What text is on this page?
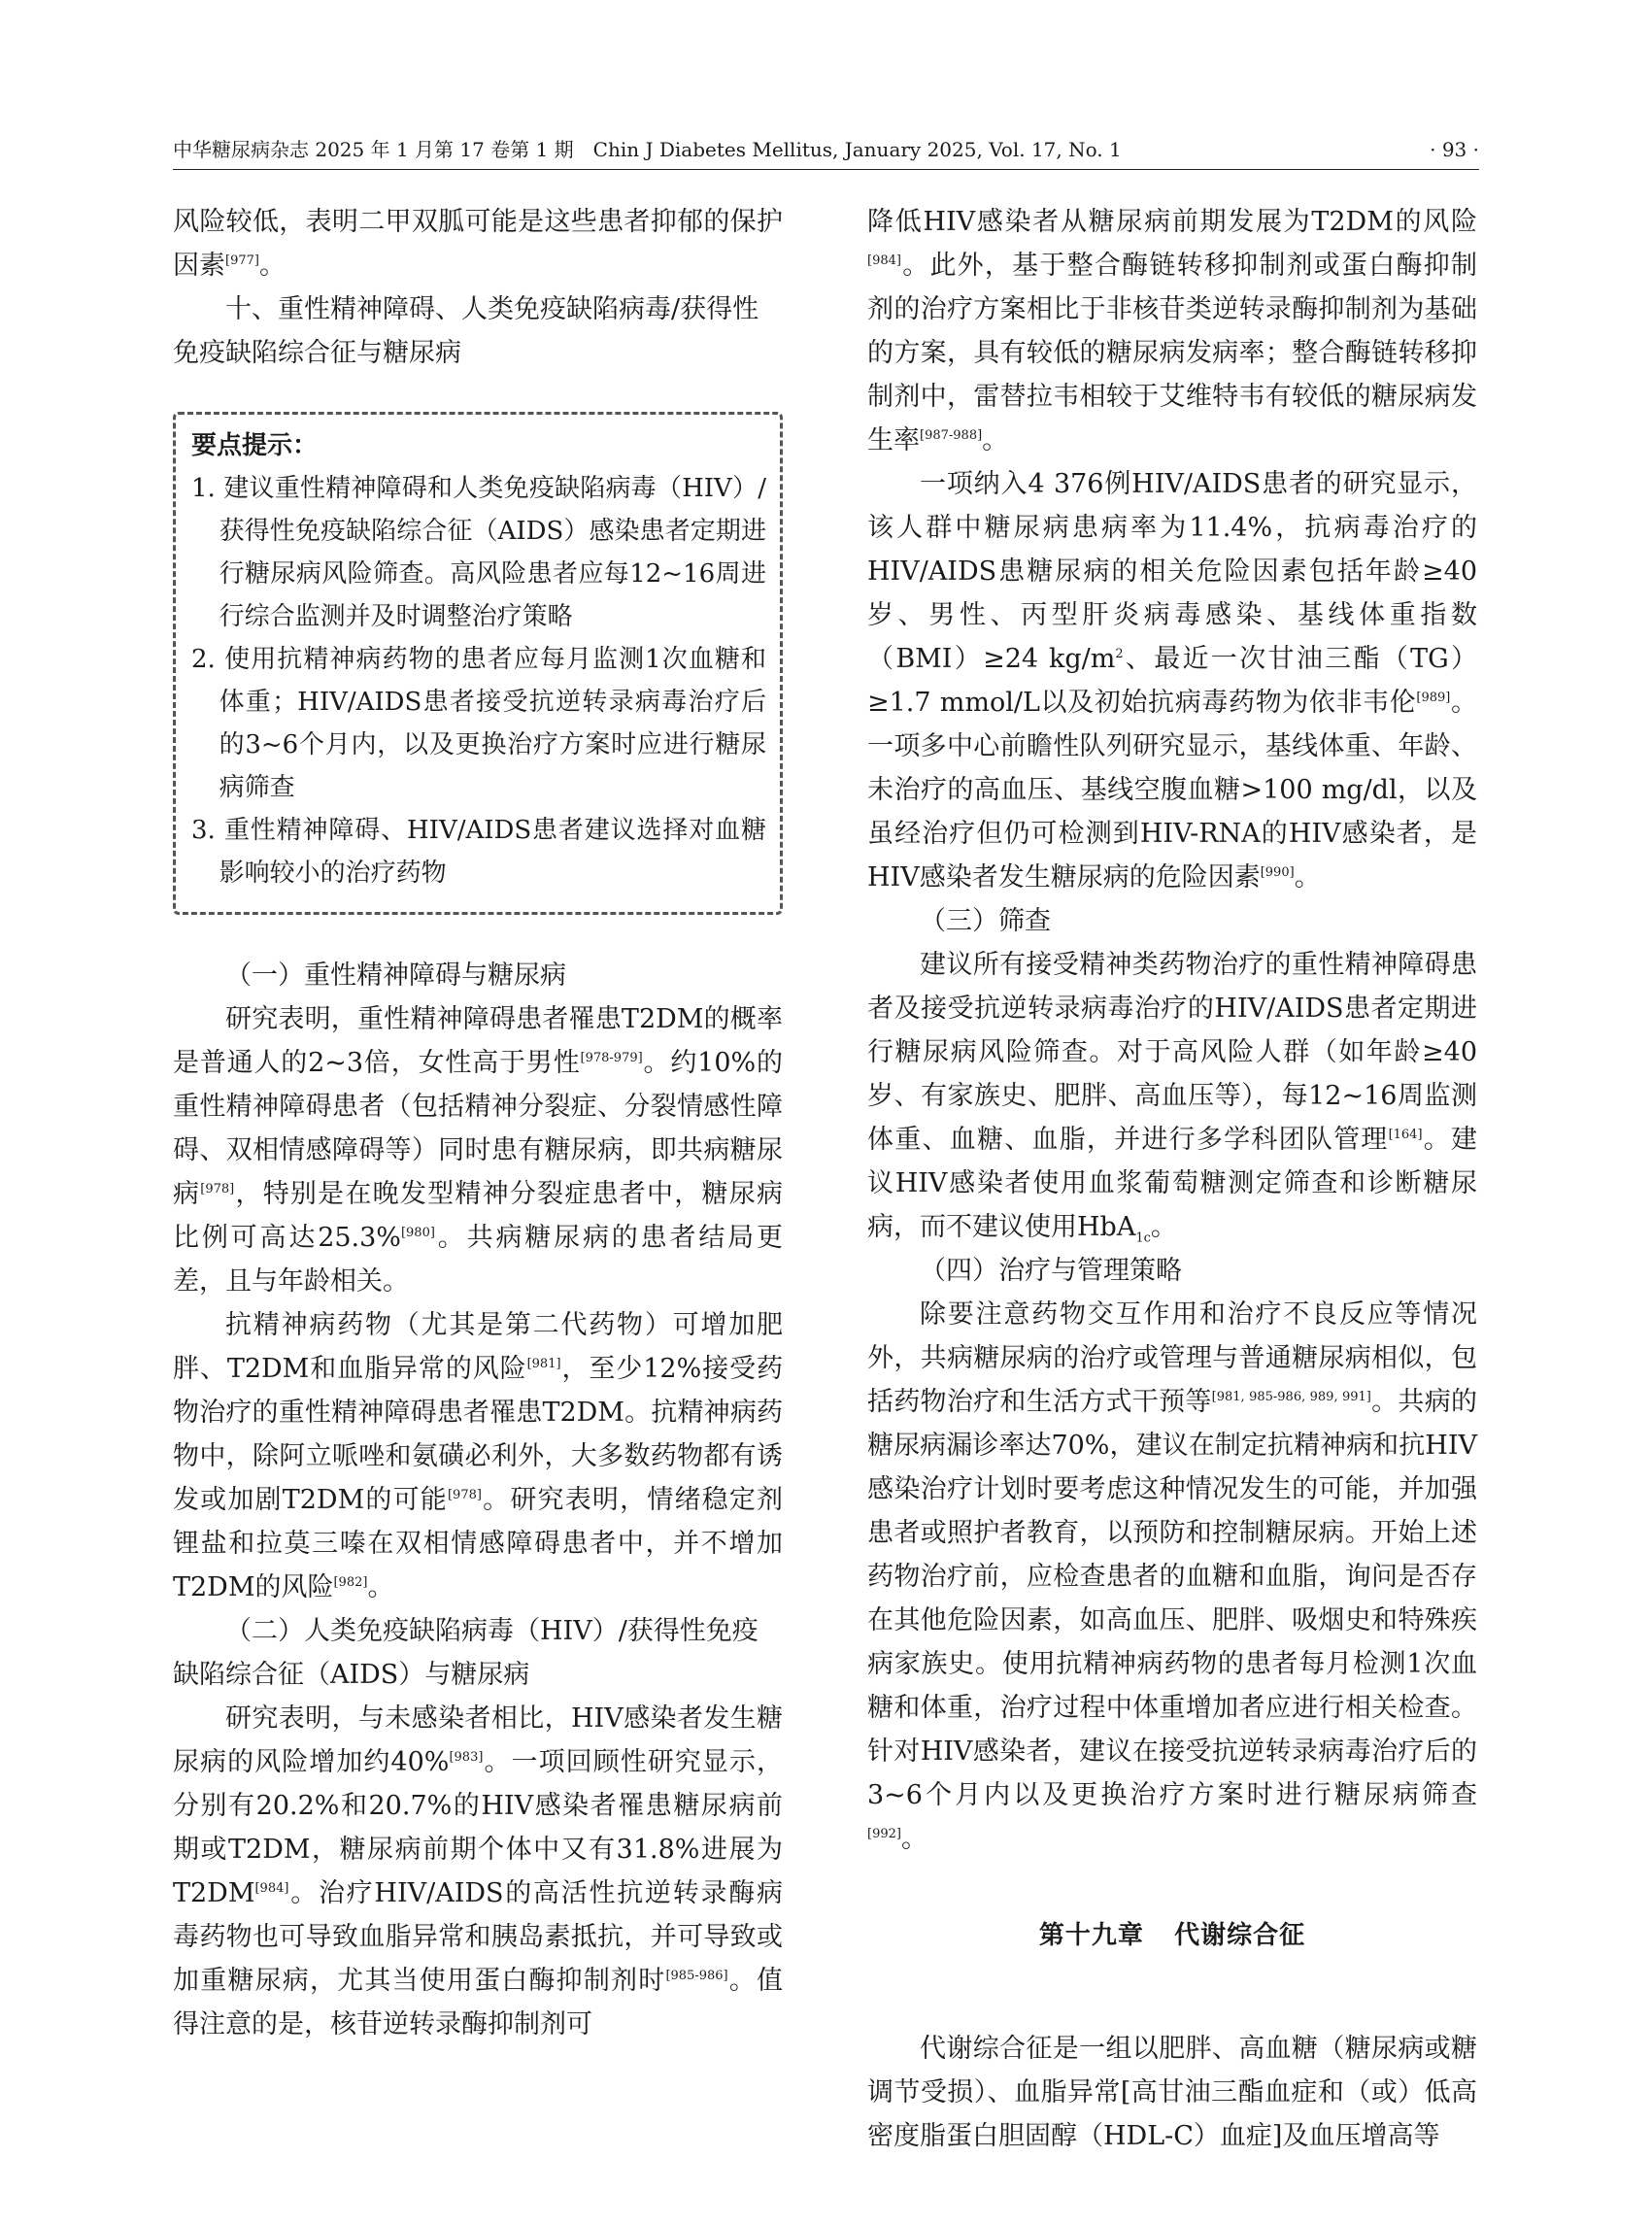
中华糖尿病杂志 2025 年 1 月第 17 卷第 1 期　Chin J Diabetes Mellitus, January 2025, Vol. 17, No. 1	· 93 ·

风险较低，表明二甲双胍可能是这些患者抑郁的保护因素[977]。

十、重性精神障碍、人类免疫缺陷病毒/获得性免疫缺陷综合征与糖尿病

要点提示：
1. 建议重性精神障碍和人类免疫缺陷病毒（HIV）/获得性免疫缺陷综合征（AIDS）感染患者定期进行糖尿病风险筛查。高风险患者应每12~16周进行综合监测并及时调整治疗策略
2. 使用抗精神病药物的患者应每月监测1次血糖和体重；HIV/AIDS患者接受抗逆转录病毒治疗后的3~6个月内，以及更换治疗方案时应进行糖尿病筛查
3. 重性精神障碍、HIV/AIDS患者建议选择对血糖影响较小的治疗药物

（一）重性精神障碍与糖尿病

研究表明，重性精神障碍患者罹患T2DM的概率是普通人的2~3倍，女性高于男性[978-979]。约10%的重性精神障碍患者（包括精神分裂症、分裂情感性障碍、双相情感障碍等）同时患有糖尿病，即共病糖尿病[978]，特别是在晚发型精神分裂症患者中，糖尿病比例可高达25.3%[980]。共病糖尿病的患者结局更差，且与年龄相关。

抗精神病药物（尤其是第二代药物）可增加肥胖、T2DM和血脂异常的风险[981]，至少12%接受药物治疗的重性精神障碍患者罹患T2DM。抗精神病药物中，除阿立哌唑和氨磺必利外，大多数药物都有诱发或加剧T2DM的可能[978]。研究表明，情绪稳定剂锂盐和拉莫三嗪在双相情感障碍患者中，并不增加T2DM的风险[982]。

（二）人类免疫缺陷病毒（HIV）/获得性免疫缺陷综合征（AIDS）与糖尿病

研究表明，与未感染者相比，HIV感染者发生糖尿病的风险增加约40%[983]。一项回顾性研究显示，分别有20.2%和20.7%的HIV感染者罹患糖尿病前期或T2DM，糖尿病前期个体中又有31.8%进展为T2DM[984]。治疗HIV/AIDS的高活性抗逆转录酶病毒药物也可导致血脂异常和胰岛素抵抗，并可导致或加重糖尿病，尤其当使用蛋白酶抑制剂时[985-986]。值得注意的是，核苷逆转录酶抑制剂可

降低HIV感染者从糖尿病前期发展为T2DM的风险[984]。此外，基于整合酶链转移抑制剂或蛋白酶抑制剂的治疗方案相比于非核苷类逆转录酶抑制剂为基础的方案，具有较低的糖尿病发病率；整合酶链转移抑制剂中，雷替拉韦相较于艾维特韦有较低的糖尿病发生率[987-988]。

一项纳入4 376例HIV/AIDS患者的研究显示，该人群中糖尿病患病率为11.4%，抗病毒治疗的HIV/AIDS患糖尿病的相关危险因素包括年龄≥40岁、男性、丙型肝炎病毒感染、基线体重指数（BMI）≥24 kg/m$^2$、最近一次甘油三酯（TG）≥1.7 mmol/L以及初始抗病毒药物为依非韦伦[989]。一项多中心前瞻性队列研究显示，基线体重、年龄、未治疗的高血压、基线空腹血糖>100 mg/dl，以及虽经治疗但仍可检测到HIV-RNA的HIV感染者，是HIV感染者发生糖尿病的危险因素[990]。

（三）筛查

建议所有接受精神类药物治疗的重性精神障碍患者及接受抗逆转录病毒治疗的HIV/AIDS患者定期进行糖尿病风险筛查。对于高风险人群（如年龄≥40岁、有家族史、肥胖、高血压等），每12~16周监测体重、血糖、血脂，并进行多学科团队管理[164]。建议HIV感染者使用血浆葡萄糖测定筛查和诊断糖尿病，而不建议使用HbA$_{1c}$。

（四）治疗与管理策略

除要注意药物交互作用和治疗不良反应等情况外，共病糖尿病的治疗或管理与普通糖尿病相似，包括药物治疗和生活方式干预等[981, 985-986, 989, 991]。共病的糖尿病漏诊率达70%，建议在制定抗精神病和抗HIV感染治疗计划时要考虑这种情况发生的可能，并加强患者或照护者教育，以预防和控制糖尿病。开始上述药物治疗前，应检查患者的血糖和血脂，询问是否存在其他危险因素，如高血压、肥胖、吸烟史和特殊疾病家族史。使用抗精神病药物的患者每月检测1次血糖和体重，治疗过程中体重增加者应进行相关检查。针对HIV感染者，建议在接受抗逆转录病毒治疗后的3~6个月内以及更换治疗方案时进行糖尿病筛查[992]。

第十九章 代谢综合征

代谢综合征是一组以肥胖、高血糖（糖尿病或糖调节受损）、血脂异常[高甘油三酯血症和（或）低高密度脂蛋白胆固醇（HDL-C）血症]及血压增高等
